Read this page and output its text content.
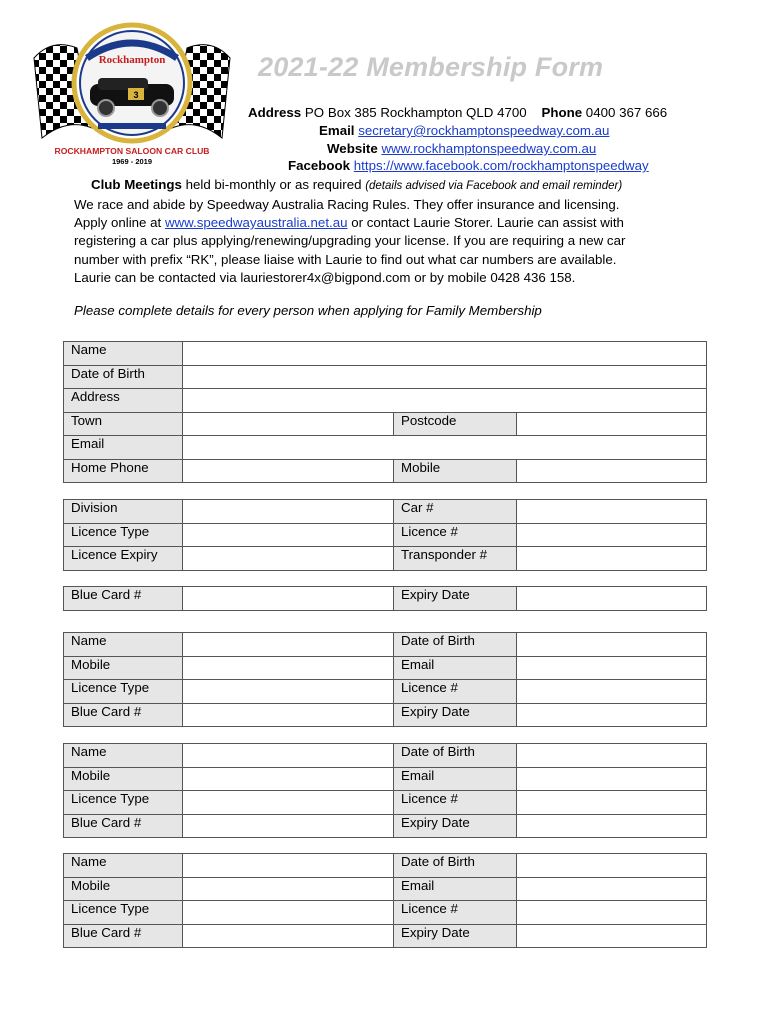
Rockhampton
3
ROCKHAMPTON SALOON CAR CLUB
1969 - 2019
2021-22 Membership Form
Address PO Box 385 Rockhampton QLD 4700 Phone 0400 367 666
Email secretary@rockhamptonspeedway.com.au
Website www.rockhamptonspeedway.com.au
Facebook https://www.facebook.com/rockhamptonspeedway
Club Meetings held bi-monthly or as required (details advised via Facebook and email reminder)
We race and abide by Speedway Australia Racing Rules. They offer insurance and licensing.
Apply online at www.speedwayaustralia.net.au or contact Laurie Storer. Laurie can assist with
registering a car plus applying/renewing/upgrading your license. If you are requiring a new car
number with prefix “RK”, please liaise with Laurie to find out what car numbers are available.
Laurie can be contacted via lauriestorer4x@bigpond.com or by mobile 0428 436 158.
Please complete details for every person when applying for Family Membership
Name			
Date of Birth			
Address			
Town		Postcode	
Email			
Home Phone		Mobile	
Division		Car #	
Licence Type		Licence #	
Licence Expiry		Transponder #	
Blue Card #		Expiry Date	
Name		Date of Birth	
Mobile		Email	
Licence Type		Licence #	
Blue Card #		Expiry Date	
Name		Date of Birth	
Mobile		Email	
Licence Type		Licence #	
Blue Card #		Expiry Date	
Name		Date of Birth	
Mobile		Email	
Licence Type		Licence #	
Blue Card #		Expiry Date	
